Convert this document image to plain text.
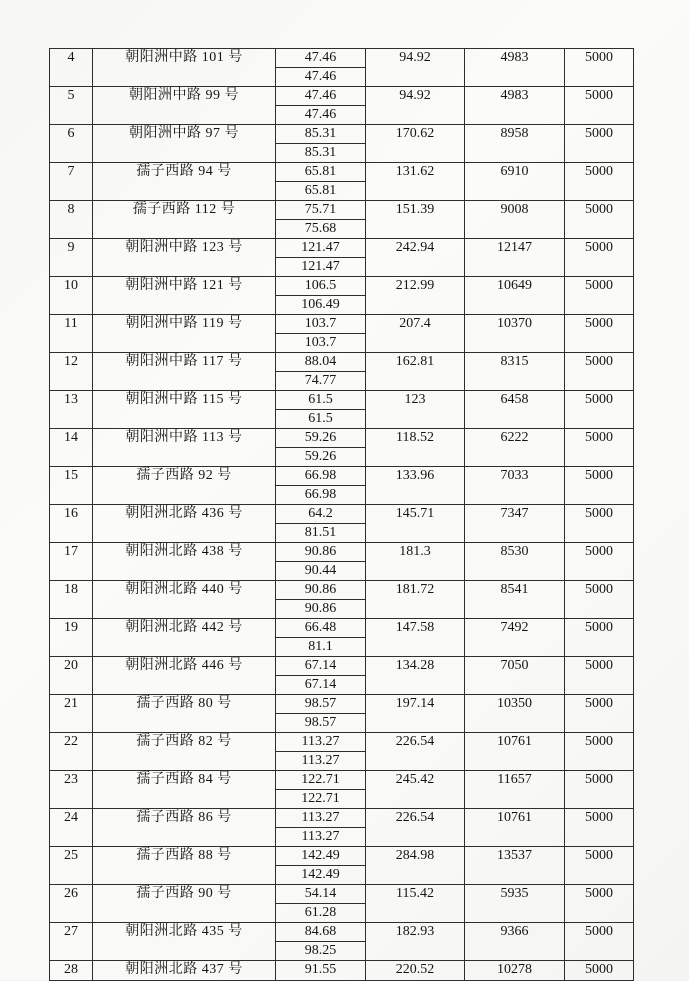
4	朝阳洲中路 101 号	47.46	94.92	4983	5000
		47.46			
5	朝阳洲中路 99 号	47.46	94.92	4983	5000
		47.46			
6	朝阳洲中路 97 号	85.31	170.62	8958	5000
		85.31			
7	孺子西路 94 号	65.81	131.62	6910	5000
		65.81			
8	孺子西路 112 号	75.71	151.39	9008	5000
		75.68			
9	朝阳洲中路 123 号	121.47	242.94	12147	5000
		121.47			
10	朝阳洲中路 121 号	106.5	212.99	10649	5000
		106.49			
11	朝阳洲中路 119 号	103.7	207.4	10370	5000
		103.7			
12	朝阳洲中路 117 号	88.04	162.81	8315	5000
		74.77			
13	朝阳洲中路 115 号	61.5	123	6458	5000
		61.5			
14	朝阳洲中路 113 号	59.26	118.52	6222	5000
		59.26			
15	孺子西路 92 号	66.98	133.96	7033	5000
		66.98			
16	朝阳洲北路 436 号	64.2	145.71	7347	5000
		81.51			
17	朝阳洲北路 438 号	90.86	181.3	8530	5000
		90.44			
18	朝阳洲北路 440 号	90.86	181.72	8541	5000
		90.86			
19	朝阳洲北路 442 号	66.48	147.58	7492	5000
		81.1			
20	朝阳洲北路 446 号	67.14	134.28	7050	5000
		67.14			
21	孺子西路 80 号	98.57	197.14	10350	5000
		98.57			
22	孺子西路 82 号	113.27	226.54	10761	5000
		113.27			
23	孺子西路 84 号	122.71	245.42	11657	5000
		122.71			
24	孺子西路 86 号	113.27	226.54	10761	5000
		113.27			
25	孺子西路 88 号	142.49	284.98	13537	5000
		142.49			
26	孺子西路 90 号	54.14	115.42	5935	5000
		61.28			
27	朝阳洲北路 435 号	84.68	182.93	9366	5000
		98.25			
28	朝阳洲北路 437 号	91.55	220.52	10278	5000
